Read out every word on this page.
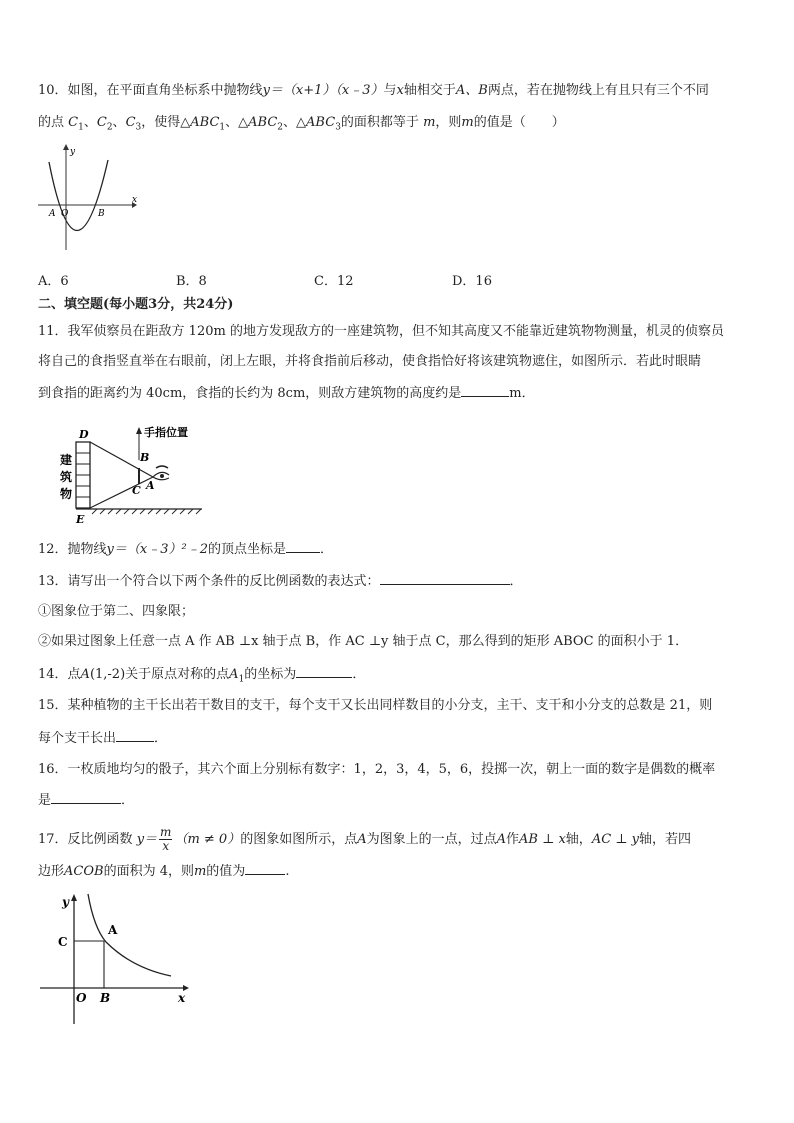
10．如图，在平面直角坐标系中抛物线y＝（x+1）（x﹣3）与x轴相交于A、B两点，若在抛物线上有且只有三个不同
的点 $C_1$、$C_2$、$C_3$，使得$\triangle ABC_1$、$\triangle ABC_2$、$\triangle ABC_3$的面积都等于 m，则m的值是（　　）
y
x
A O	B
A．6	B．8	C．12	D．16
二、填空题(每小题3分，共24分)
11．我军侦察员在距敌方 120m 的地方发现敌方的一座建筑物，但不知其高度又不能靠近建筑物物测量，机灵的侦察员
将自己的食指竖直举在右眼前，闭上左眼，并将食指前后移动，使食指恰好将该建筑物遮住，如图所示．若此时眼睛
到食指的距离约为 40cm，食指的长约为 8cm，则敌方建筑物的高度约是	m．
D
E
B
C A
手指位置
建
筑
物
12．抛物线y＝（x﹣3）²﹣2的顶点坐标是	．
13．请写出一个符合以下两个条件的反比例函数的表达式：	．
①图象位于第二、四象限；
②如果过图象上任意一点 A 作 AB ⊥x 轴于点 B，作 AC ⊥y 轴于点 C，那么得到的矩形 ABOC 的面积小于 1．
14．点A(1,-2)关于原点对称的点$A_1$的坐标为	．
15．某种植物的主干长出若干数目的支干，每个支干又长出同样数目的小分支，主干、支干和小分支的总数是 21，则
每个支干长出	．
16．一枚质地均匀的骰子，其六个面上分别标有数字：1，2，3，4，5，6，投掷一次，朝上一面的数字是偶数的概率
是	．
17．反比例函数 $y= \frac{m}{x} (m \ne 0)$的图象如图所示，点A为图象上的一点，过点A作AB ⊥ x轴，AC ⊥ y轴，若四
边形ACOB的面积为 4，则m的值为	.
y
x
C
A
O B
